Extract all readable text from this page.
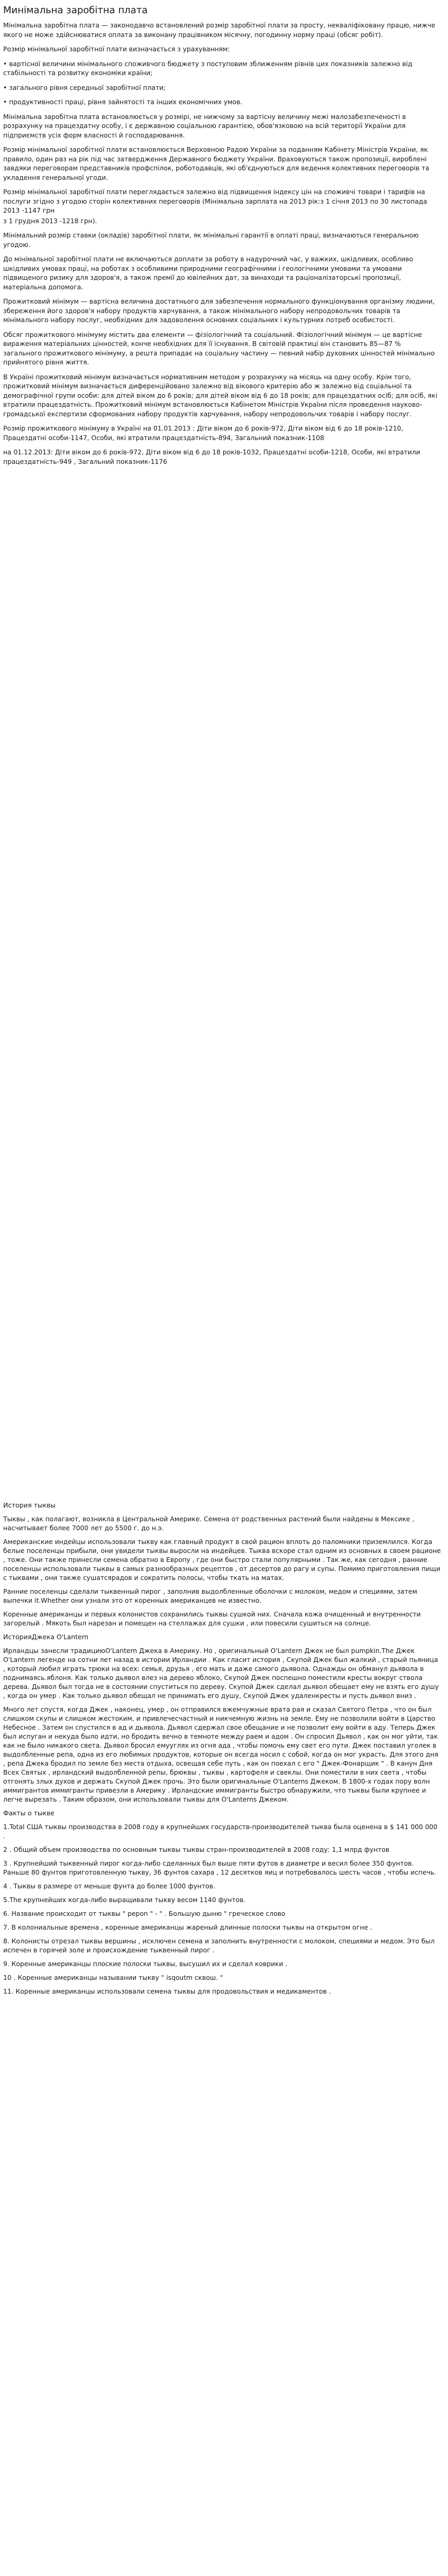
Минімальна заробітна плата

Мінімальна заробітна плата — законодавчо встановлений розмір заробітної плати за просту, некваліфіковану працю, нижче якого не може здійснюватися оплата за виконану працівником місячну, погодинну норму праці (обсяг робіт).

Розмір мінімальної заробітної плати визначається з урахуванням:

• вартісної величини мінімального споживчого бюджету з поступовим зближенням рівнів цих показників залежно від стабільності та розвитку економіки країни;

• загального рівня середньої заробітної плати;

• продуктивності праці, рівня зайнятості та інших економічних умов.

Мінімальна заробітна плата встановлюється у розмірі, не нижчому за вартісну величину межі малозабезпеченості в розрахунку на працездатну особу, і є державною соціальною гарантією, обов'язковою на всій території України для підприємств усіх форм власності й господарювання.

Розмір мінімальної заробітної плати встановлюється Верховною Радою України за поданням Кабінету Міністрів України, як правило, один раз на рік під час затвердження Державного бюджету України. Враховуються також пропозиції, вироблені завдяки переговорам представників профспілок, роботодавців, які об'єднуються для ведення колективних переговорів та укладення генеральної угоди.

Розмір мінімальної заробітної плати переглядається залежно від підвищення індексу цін на споживчі товари і тарифів на послуги згідно з угодою сторін колективних переговорів (Мінімальна зарплата на 2013 рік:з 1 січня 2013 по 30 листопада 2013 -1147 грн

з 1 грудня 2013 -1218 грн).

Мінімальний розмір ставки (окладів) заробітної плати, як мінімальні гарантії в оплаті праці, визначаються генеральною угодою.

До мінімальної заробітної плати не включаються доплати за роботу в надурочний час, у важких, шкідливих, особливо шкідливих умовах праці, на роботах з особливими природними географічними і геологічними умовами та умовами підвищеного ризику для здоров'я, а також премії до ювілейних дат, за винаходи та раціоналізаторські пропозиції, матеріальна допомога.

Прожитковий мінімум — вартісна величина достатнього для забезпечення нормального функціонування організму людини, збереження його здоров'я набору продуктів харчування, а також мінімального набору непродовольчих товарів та мінімального набору послуг, необхідних для задоволення основних соціальних і культурних потреб особистості.

Обсяг прожиткового мінімуму містить два елементи — фізіологічний та соціальний. Фізіологічний мінімум — це вартісне вираження матеріальних цінностей, конче необхідних для її існування. В світовій практиці він становить 85—87 % загального прожиткового мінімуму, а решта припадає на соціальну частину — певний набір духовних цінностей мінімально прийнятого рівня життя.

В Україні прожитковий мінімум визначається нормативним методом у розрахунку на місяць на одну особу. Крім того, прожитковий мінімум визначається диференційовано залежно від вікового критерію або ж залежно від соціальної та демографічної групи особи: для дітей віком до 6 років; для дітей віком від 6 до 18 років; для працездатних осіб; для осіб, які втратили працездатність. Прожитковий мінімум встановлюється Кабінетом Міністрів України після проведення науково-громадської експертизи сформованих набору продуктів харчування, набору непродовольчих товарів і набору послуг.

Розмір прожиткового мінімуму в Україні на 01.01.2013 : Діти віком до 6 років-972, Діти віком від 6 до 18 років-1210, Працездатні особи-1147, Особи, які втратили працездатність-894, Загальний показник-1108

на 01.12.2013: Діти віком до 6 років-972, Діти віком від 6 до 18 років-1032, Працездатні особи-1218, Особи, які втратили працездатність-949 , Загальний показник-1176

История тыквы

Тыквы , как полагают, возникла в Центральной Америке. Семена от родственных растений были найдены в Мексике , насчитывает более 7000 лет до 5500 г. до н.э.

Американские индейцы использовали тыкву как главный продукт в свой рацион вплоть до паломники приземлился. Когда белые поселенцы прибыли, они увидели тыквы выросли на индейцев. Тыква вскоре стал одним из основных в своем рационе , тоже. Они также принесли семена обратно в Европу , где они быстро стали популярными . Так же, как сегодня , ранние поселенцы использовали тыквы в самых разнообразных рецептов , от десертов до рагу и супы. Помимо приготовления пищи с тыквами , они также сушатсярадов и сократить полосы, чтобы ткать на матах.

Ранние поселенцы сделали тыквенный пирог , заполнив выдолбленные оболочки с молоком, медом и специями, затем выпечки it.Whether они узнали это от коренных американцев не известно.

Коренные американцы и первых колонистов сохранились тыквы сушкой них. Сначала кожа очищенный и внутренности загорелый . Мякоть был нарезан и помещен на стеллажах для сушки , или повесили сушиться на солнце.

ИсторияДжека O'Lantern

Ирландцы занесли традициюO'Lantern Джека в Америку. Но , оригинальный O'Lantern Джек не был pumpkin.The Джек O'Lantern легенде на сотни лет назад в истории Ирландии . Как гласит история , Скупой Джек был жалкий , старый пьяница , который любил играть трюки на всех: семья, друзья , его мать и даже самого дьявола. Однажды он обманул дьявола в поднимаясь.яблоня. Как только дьявол влез на дерево яблоко, Скупой Джек поспешно поместили кресты вокруг ствола дерева. Дьявол был тогда не в состоянии спуститься по дереву. Скупой Джек сделал дьявол обещает ему не взять его душу , когда он умер . Как только дьявол обещал не принимать его душу, Скупой Джек удаленкресты и пусть дьявол вниз .

Много лет спустя, когда Джек , наконец, умер , он отправился вжемчужные врата рая и сказал Святого Петра , что он был слишком скупы и слишком жестоким, и привлечесчастный и никчемную жизнь на земле. Ему не позволили войти в Царство Небесное . Затем он спустился в ад и дьявола. Дьявол сдержал свое обещание и не позволит ему войти в аду. Теперь Джек был испуган и некуда было идти, но бродить вечно в темноте между раем и адом . Он спросил Дьявол , как он мог уйти, так как не было никакого света. Дьявол бросил емууглях из огня ада , чтобы помочь ему свет его пути. Джек поставил уголек в выдолбленные репа, одна из его любимых продуктов, которые он всегда носил с собой, когда он мог украсть. Для этого дня , репа Джека бродил по земле без места отдыха, освещая себе путь , как он поехал с его " Джек-Фонарщик " . В канун Дня Всех Святых , ирландский выдолбленной репы, брюквы , тыквы , картофеля и свеклы. Они поместили в них света , чтобы отгонять злых духов и держать Скупой Джек прочь. Это были оригинальные O'Lanterns Джеком. В 1800-х годах пору волн иммигрантов иммигранты привезли в Америку . Ирландские иммигранты быстро обнаружили, что тыквы были крупнее и легче вырезать . Таким образом, они использовали тыквы для O'Lanterns Джеком.

Факты о тыкве

1.Total США тыквы производства в 2008 году в крупнейших государств-производителей тыква была оценена в $ 141 000 000 .

2 . Общий объем производства по основным тыквы тыквы стран-производителей в 2008 году: 1,1 млрд фунтов

3 . Крупнейший тыквенный пирог когда-либо сделанных был выше пяти футов в диаметре и весил более 350 фунтов. Раньше 80 фунтов приготовленную тыкву, 36 фунтов сахара , 12 десятков яиц и потребовалось шесть часов , чтобы испечь.

4 . Тыквы в размере от меньше фунта до более 1000 фунтов.

5.The крупнейших когда-либо выращивали тыкву весом 1140 фунтов.

6. Название происходит от тыквы " pepon " - " . Большую дыню " греческое слово

7. В колониальные времена , коренные американцы жареный длинные полоски тыквы на открытом огне .

8. Колонисты отрезал тыквы вершины , исключен семена и заполнить внутренности с молоком, специями и медом. Это был испечен в горячей золе и происхождение тыквенный пирог .

9. Коренные американцы плоские полоски тыквы, высушил их и сделал коврики .

10 . Коренные американцы назывании тыкву " isqoutm сквош. "

11. Коренные американцы использовали семена тыквы для продовольствия и медикаментов .
